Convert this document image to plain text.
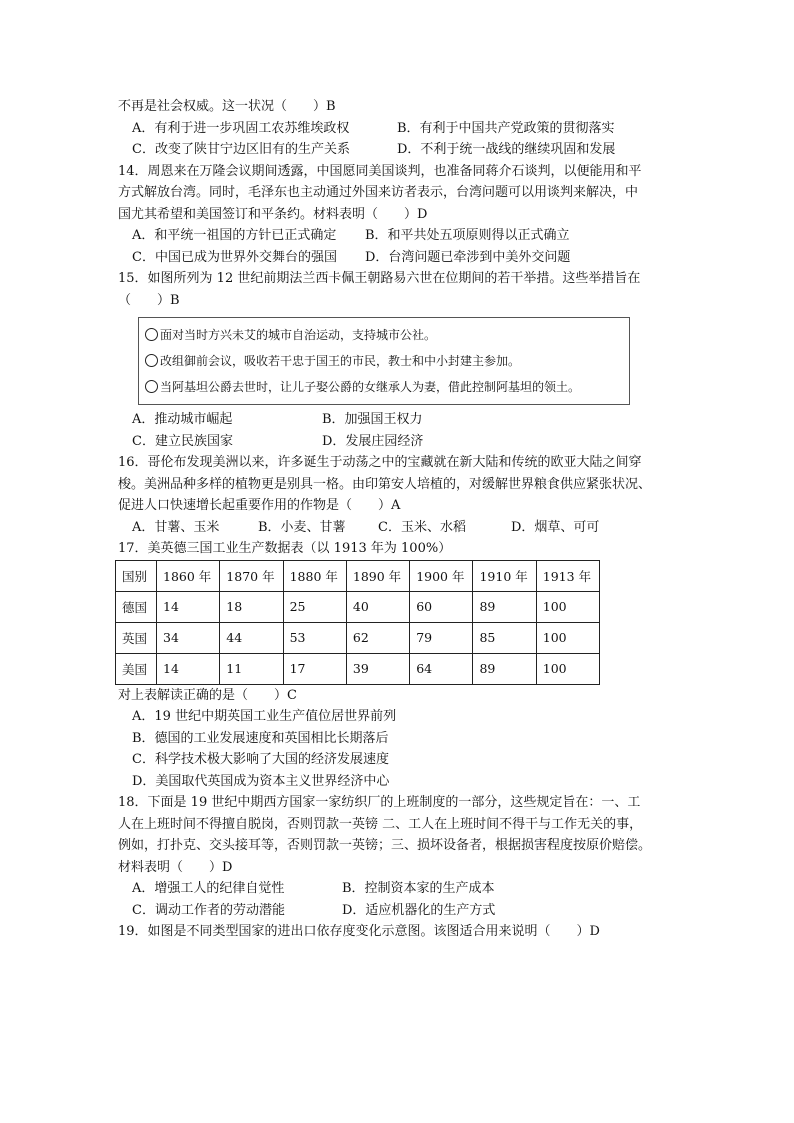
不再是社会权威。这一状况（　　）B
A．有利于进一步巩固工农苏维埃政权	B．有利于中国共产党政策的贯彻落实
C．改变了陕甘宁边区旧有的生产关系	D．不利于统一战线的继续巩固和发展
14．周恩来在万隆会议期间透露，中国愿同美国谈判，也准备同蒋介石谈判，以便能用和平
方式解放台湾。同时，毛泽东也主动通过外国来访者表示，台湾问题可以用谈判来解决，中
国尤其希望和美国签订和平条约。材料表明（　　）D
A．和平统一祖国的方针已正式确定 B．和平共处五项原则得以正式确立
C．中国已成为世界外交舞台的强国 D．台湾问题已牵涉到中美外交问题
15．如图所列为 12 世纪前期法兰西卡佩王朝路易六世在位期间的若干举措。这些举措旨在
（　　）B
面对当时方兴未艾的城市自治运动，支持城市公社。
改组御前会议，吸收若干忠于国王的市民，教士和中小封建主参加。
当阿基坦公爵去世时，让儿子娶公爵的女继承人为妻，借此控制阿基坦的领土。
A．推动城市崛起	B．加强国王权力
C．建立民族国家	D．发展庄园经济
16．哥伦布发现美洲以来，许多诞生于动荡之中的宝藏就在新大陆和传统的欧亚大陆之间穿
梭。美洲品种多样的植物更是别具一格。由印第安人培植的，对缓解世界粮食供应紧张状况、
促进人口快速增长起重要作用的作物是（　　）A
A．甘薯、玉米	B．小麦、甘薯 C．玉米、水稻	D．烟草、可可
17．美英德三国工业生产数据表（以 1913 年为 100%）
国别	1860 年	1870 年	1880 年	1890 年	1900 年	1910 年	1913 年
德国	14	18	25	40	60	89	100
英国	34	44	53	62	79	85	100
美国	14	11	17	39	64	89	100
对上表解读正确的是（　　）C
A．19 世纪中期英国工业生产值位居世界前列
B．德国的工业发展速度和英国相比长期落后
C．科学技术极大影响了大国的经济发展速度
D．美国取代英国成为资本主义世界经济中心
18．下面是 19 世纪中期西方国家一家纺织厂的上班制度的一部分，这些规定旨在：一、工
人在上班时间不得擅自脱岗，否则罚款一英镑 二、工人在上班时间不得干与工作无关的事，
例如，打扑克、交头接耳等，否则罚款一英镑；三、损坏设备者，根据损害程度按原价赔偿。
材料表明（　　）D
A．增强工人的纪律自觉性	B．控制资本家的生产成本
C．调动工作者的劳动潜能	D．适应机器化的生产方式
19．如图是不同类型国家的进出口依存度变化示意图。该图适合用来说明（　　）D
